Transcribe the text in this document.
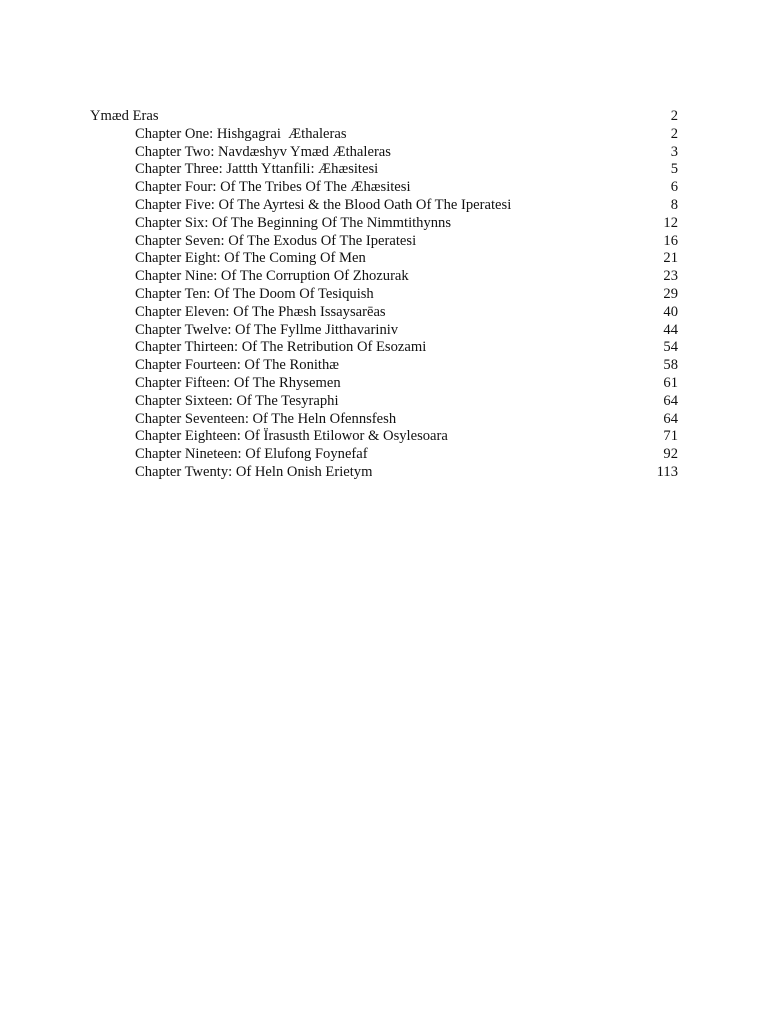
Ymæd Eras	2
Chapter One: Hishgagrai  Æthaleras	2
Chapter Two: Navdæshyv Ymæd Æthaleras	3
Chapter Three: Jattth Yttanfili: Æhæsitesi	5
Chapter Four: Of The Tribes Of The Æhæsitesi	6
Chapter Five: Of The Ayrtesi & the Blood Oath Of The Iperatesi	8
Chapter Six: Of The Beginning Of The Nimmtithynns	12
Chapter Seven: Of The Exodus Of The Iperatesi	16
Chapter Eight: Of The Coming Of Men	21
Chapter Nine: Of The Corruption Of Zhozurak	23
Chapter Ten: Of The Doom Of Tesiquish	29
Chapter Eleven: Of The Phæsh Issaysarēas	40
Chapter Twelve: Of The Fyllme Jitthavariniv	44
Chapter Thirteen: Of The Retribution Of Esozami	54
Chapter Fourteen: Of The Ronithæ	58
Chapter Fifteen: Of The Rhysemen	61
Chapter Sixteen: Of The Tesyraphi	64
Chapter Seventeen: Of The Heln Ofennsfesh	64
Chapter Eighteen: Of Ïrasusth Etilowor & Osylesoara	71
Chapter Nineteen: Of Elufong Foynefaf	92
Chapter Twenty: Of Heln Onish Erietym	113
